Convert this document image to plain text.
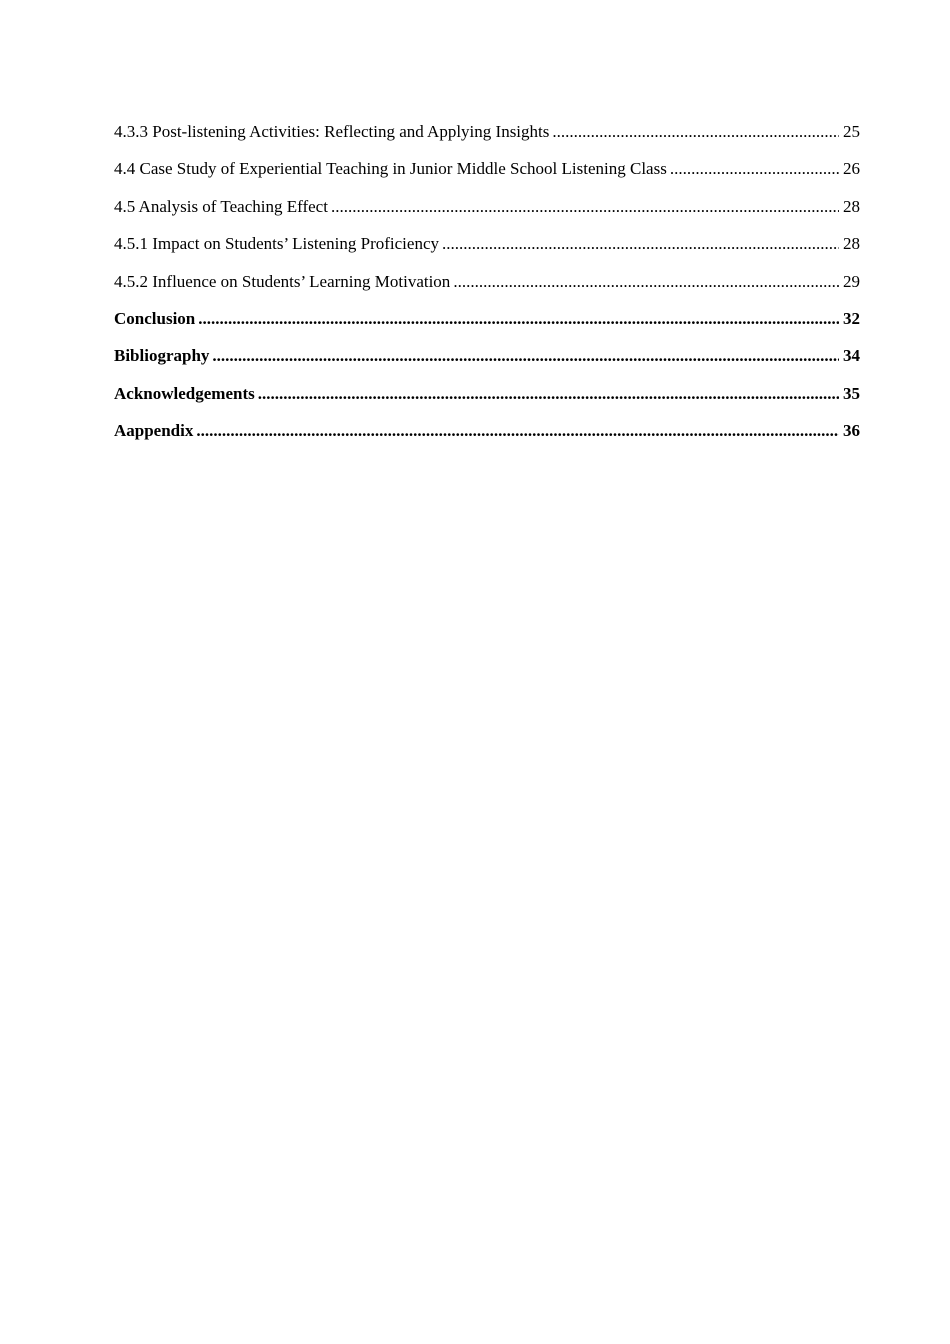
4.3.3 Post-listening Activities: Reflecting and Applying Insights .....	25
4.4 Case Study of Experiential Teaching in Junior Middle School Listening Class .....	26
4.5 Analysis of Teaching Effect .....	28
4.5.1 Impact on Students’ Listening Proficiency .....	28
4.5.2 Influence on Students’ Learning Motivation .....	29
Conclusion .....	32
Bibliography .....	34
Acknowledgements .....	35
Aappendix .....	36
